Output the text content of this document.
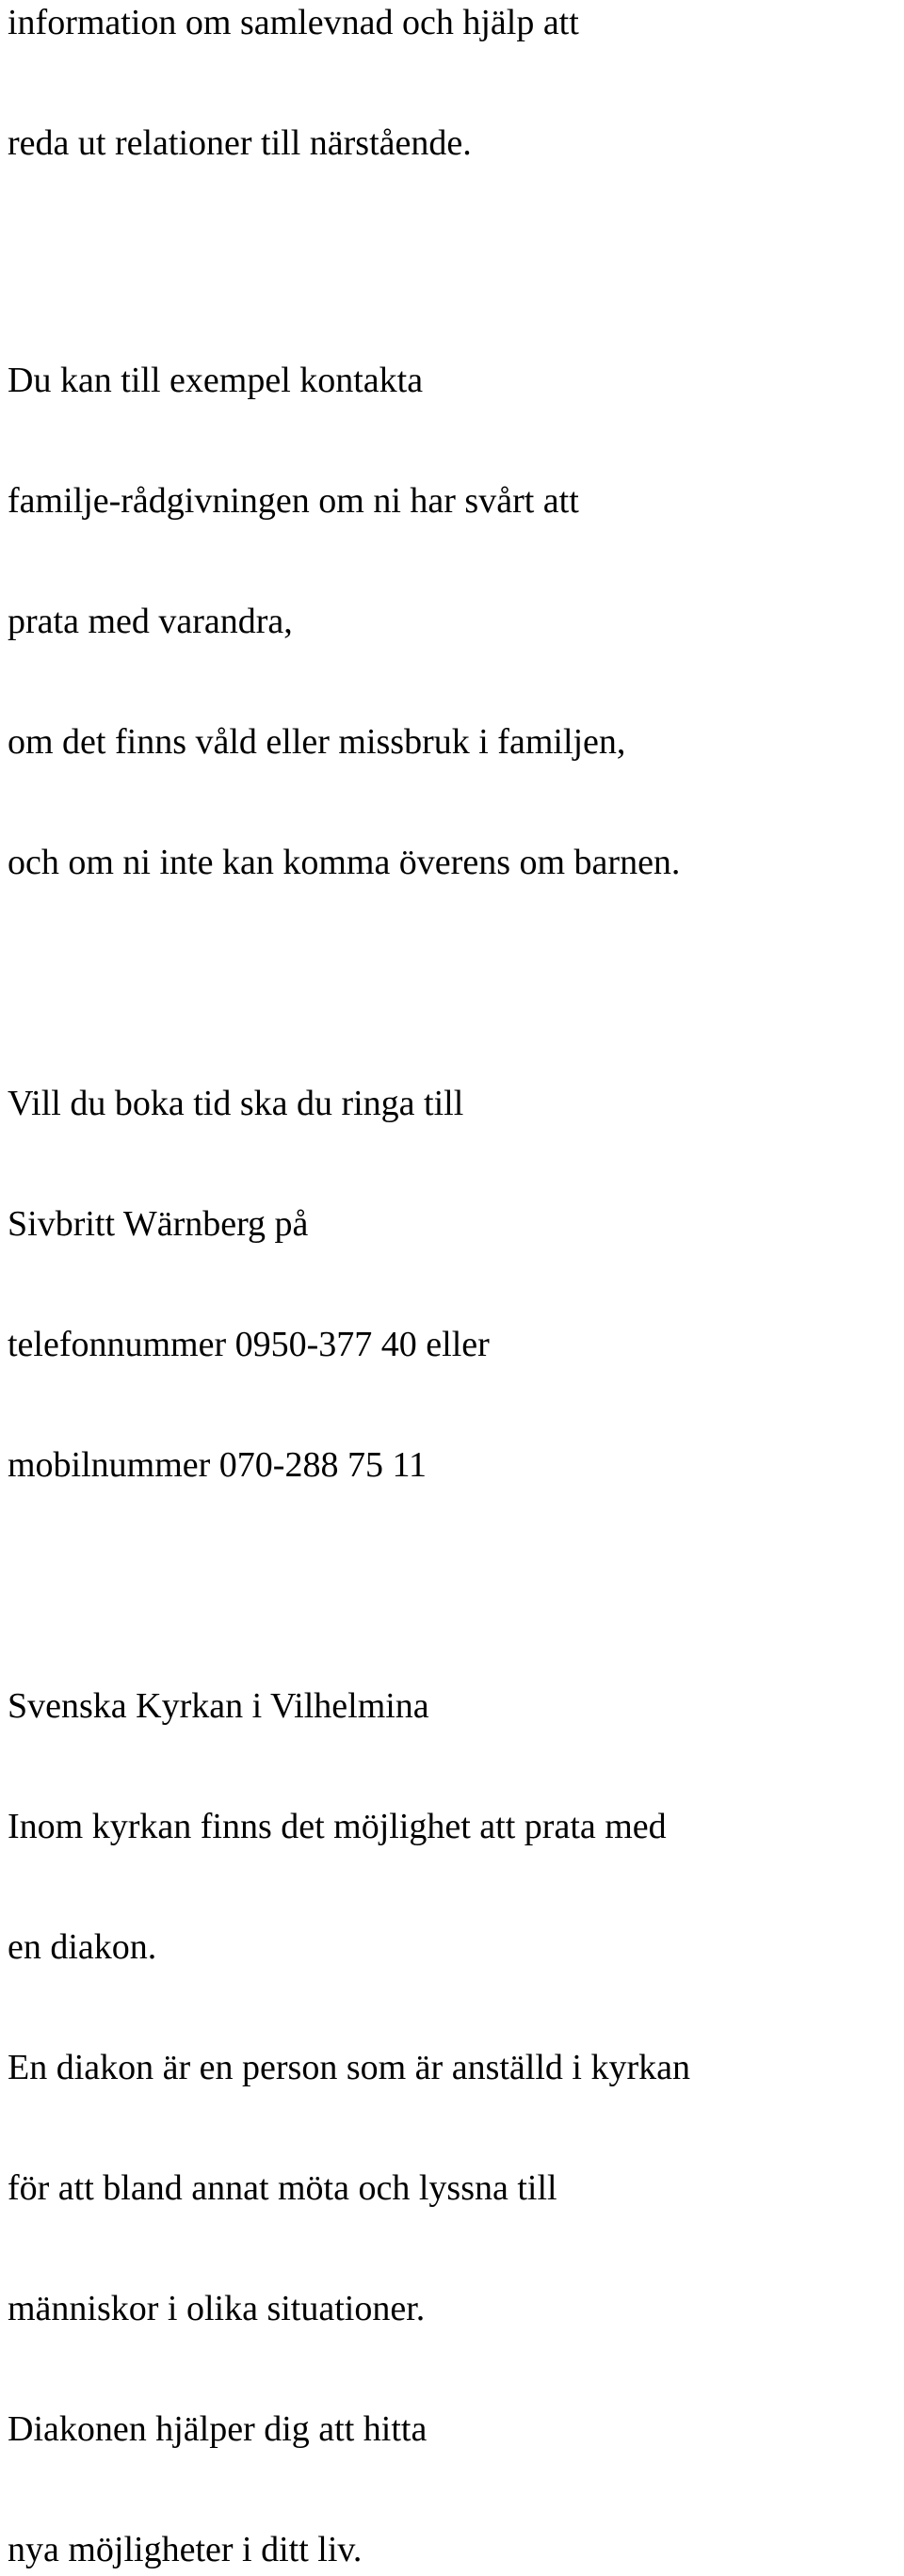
information om samlevnad och hjälp att

reda ut relationer till närstående.

Du kan till exempel kontakta

familje-rådgivningen om ni har svårt att

prata med varandra,

om det finns våld eller missbruk i familjen,

och om ni inte kan komma överens om barnen.

Vill du boka tid ska du ringa till

Sivbritt Wärnberg på

telefonnummer 0950-377 40 eller

mobilnummer 070-288 75 11

Svenska Kyrkan i Vilhelmina

Inom kyrkan finns det möjlighet att prata med

en diakon.

En diakon är en person som är anställd i kyrkan

för att bland annat möta och lyssna till

människor i olika situationer.

Diakonen hjälper dig att hitta

nya möjligheter i ditt liv.
